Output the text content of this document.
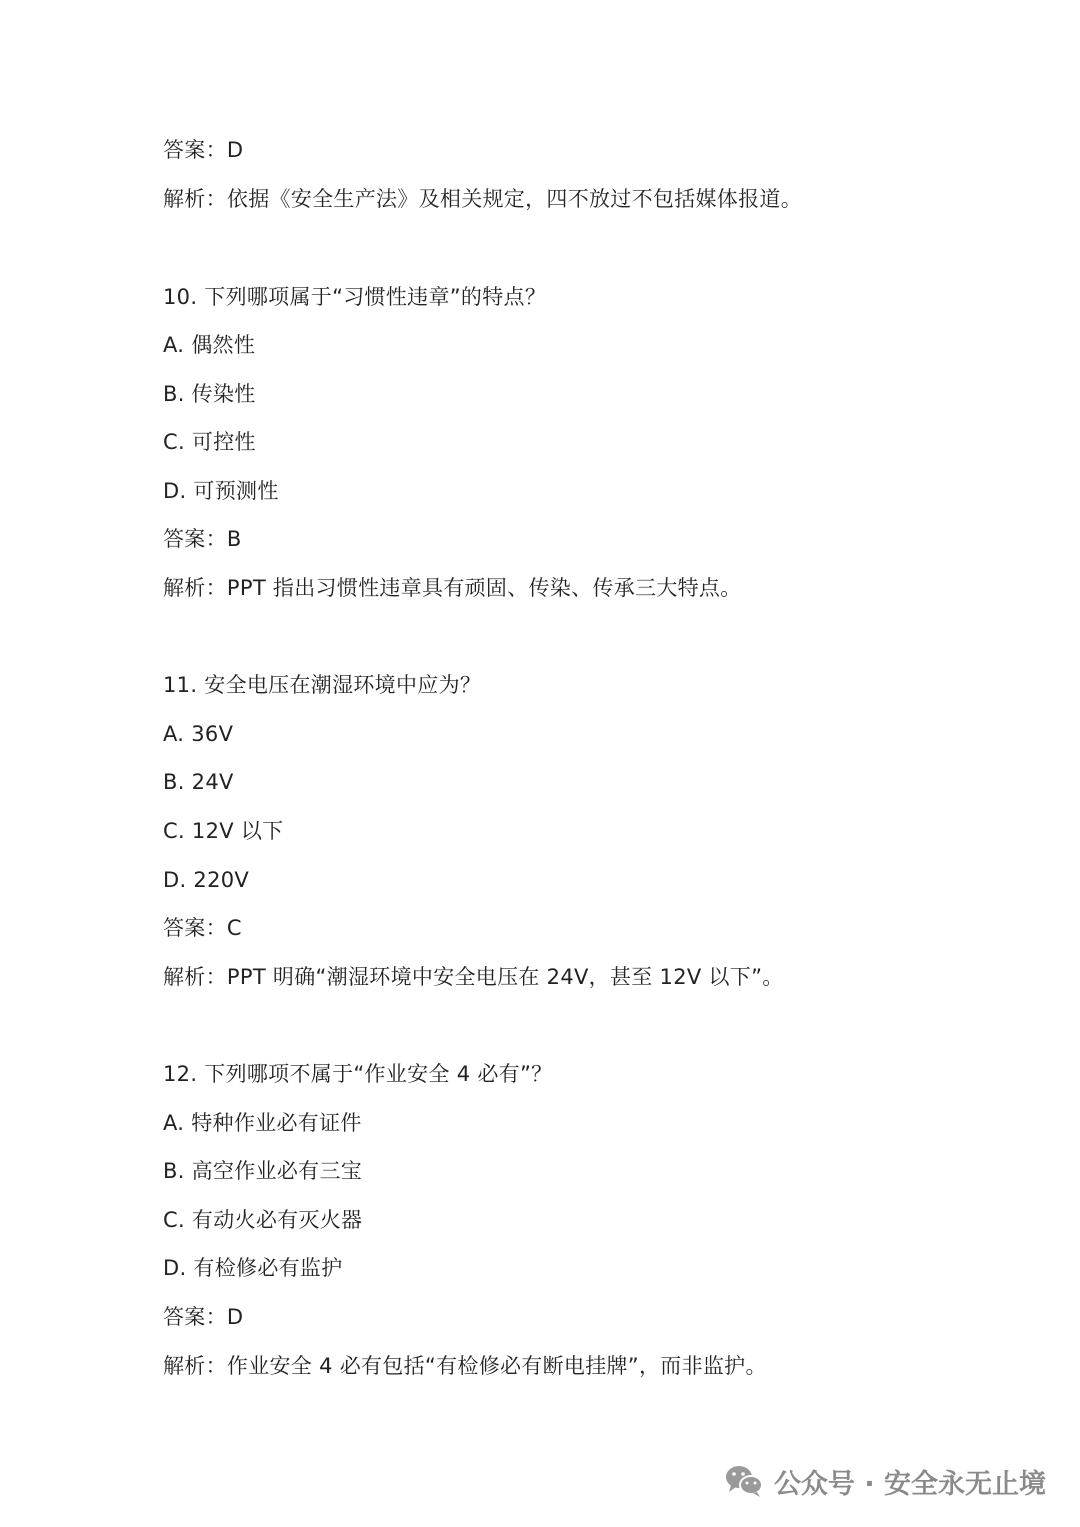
答案：D
解析：依据《安全生产法》及相关规定，四不放过不包括媒体报道。
10. 下列哪项属于“习惯性违章”的特点？
A. 偶然性
B. 传染性
C. 可控性
D. 可预测性
答案：B
解析：PPT 指出习惯性违章具有顽固、传染、传承三大特点。
11. 安全电压在潮湿环境中应为？
A. 36V
B. 24V
C. 12V 以下
D. 220V
答案：C
解析：PPT 明确“潮湿环境中安全电压在 24V，甚至 12V 以下”。
12. 下列哪项不属于“作业安全 4 必有”？
A. 特种作业必有证件
B. 高空作业必有三宝
C. 有动火必有灭火器
D. 有检修必有监护
答案：D
解析：作业安全 4 必有包括“有检修必有断电挂牌”，而非监护。
公众号 · 安全永无止境
